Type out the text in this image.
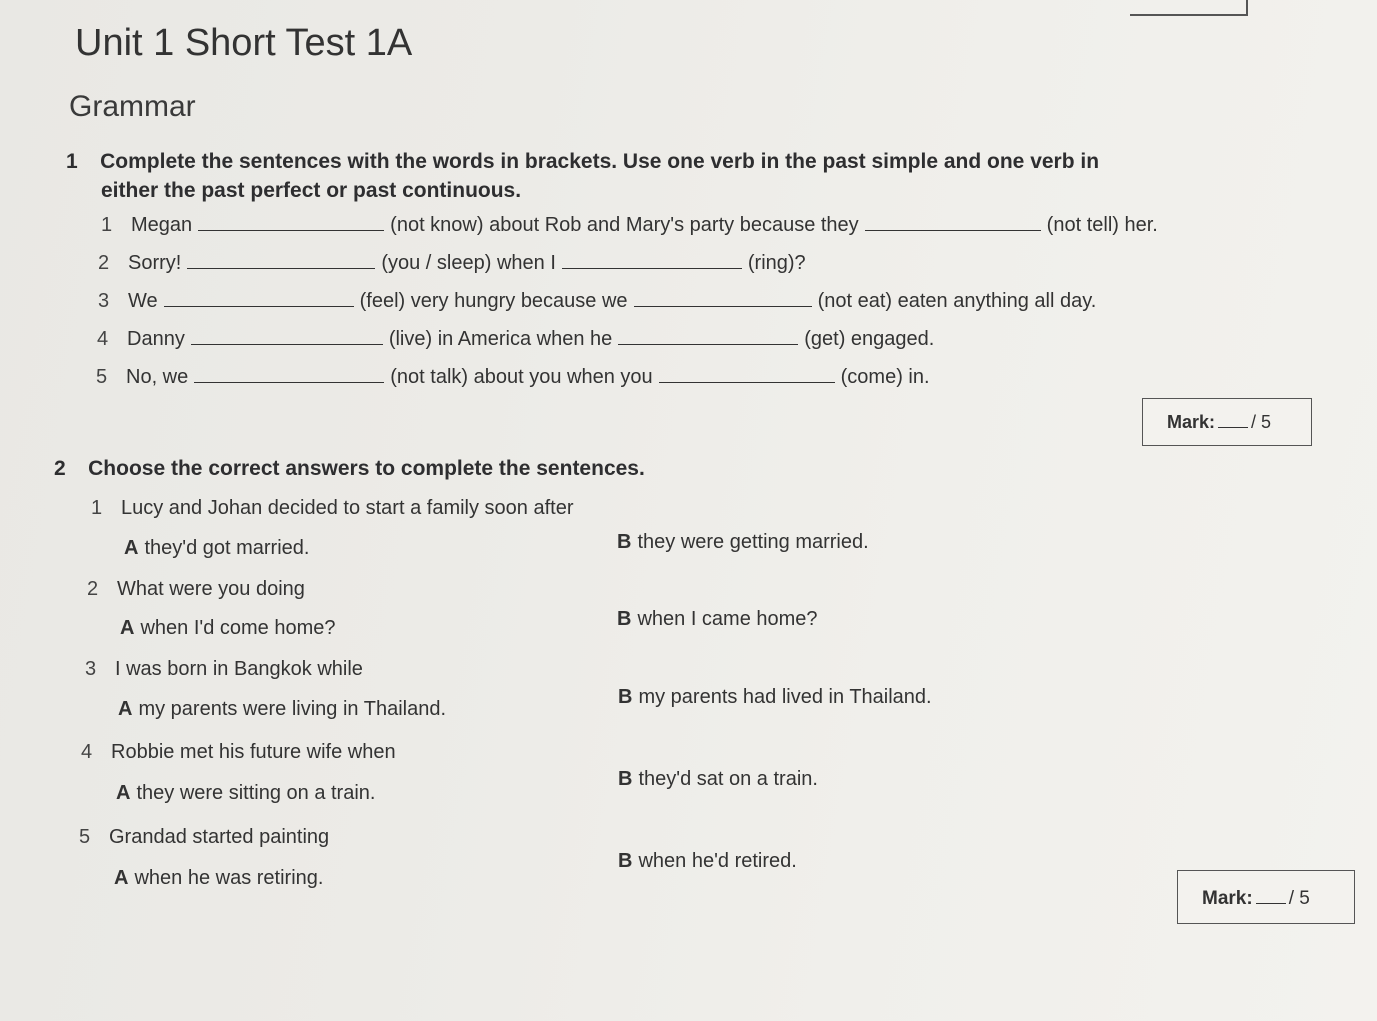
Unit 1 Short Test 1A
Grammar
1 Complete the sentences with the words in brackets. Use one verb in the past simple and one verb in
either the past perfect or past continuous.
1 Megan	(not know) about Rob and Mary's party because they	(not tell) her.
2 Sorry!	(you / sleep) when I	(ring)?
3 We	(feel) very hungry because we	(not eat) eaten anything all day.
4 Danny	(live) in America when he	(get) engaged.
5 No, we	(not talk) about you when you	(come) in.
Mark: / 5
2 Choose the correct answers to complete the sentences.
1 Lucy and Johan decided to start a family soon after
A they'd got married.	B they were getting married.
2 What were you doing
A when I'd come home?	B when I came home?
3 I was born in Bangkok while
A my parents were living in Thailand.
B my parents had lived in Thailand.
4 Robbie met his future wife when
A they were sitting on a train.
B they'd sat on a train.
5 Grandad started painting
A when he was retiring.
B when he'd retired.
Mark: / 5
